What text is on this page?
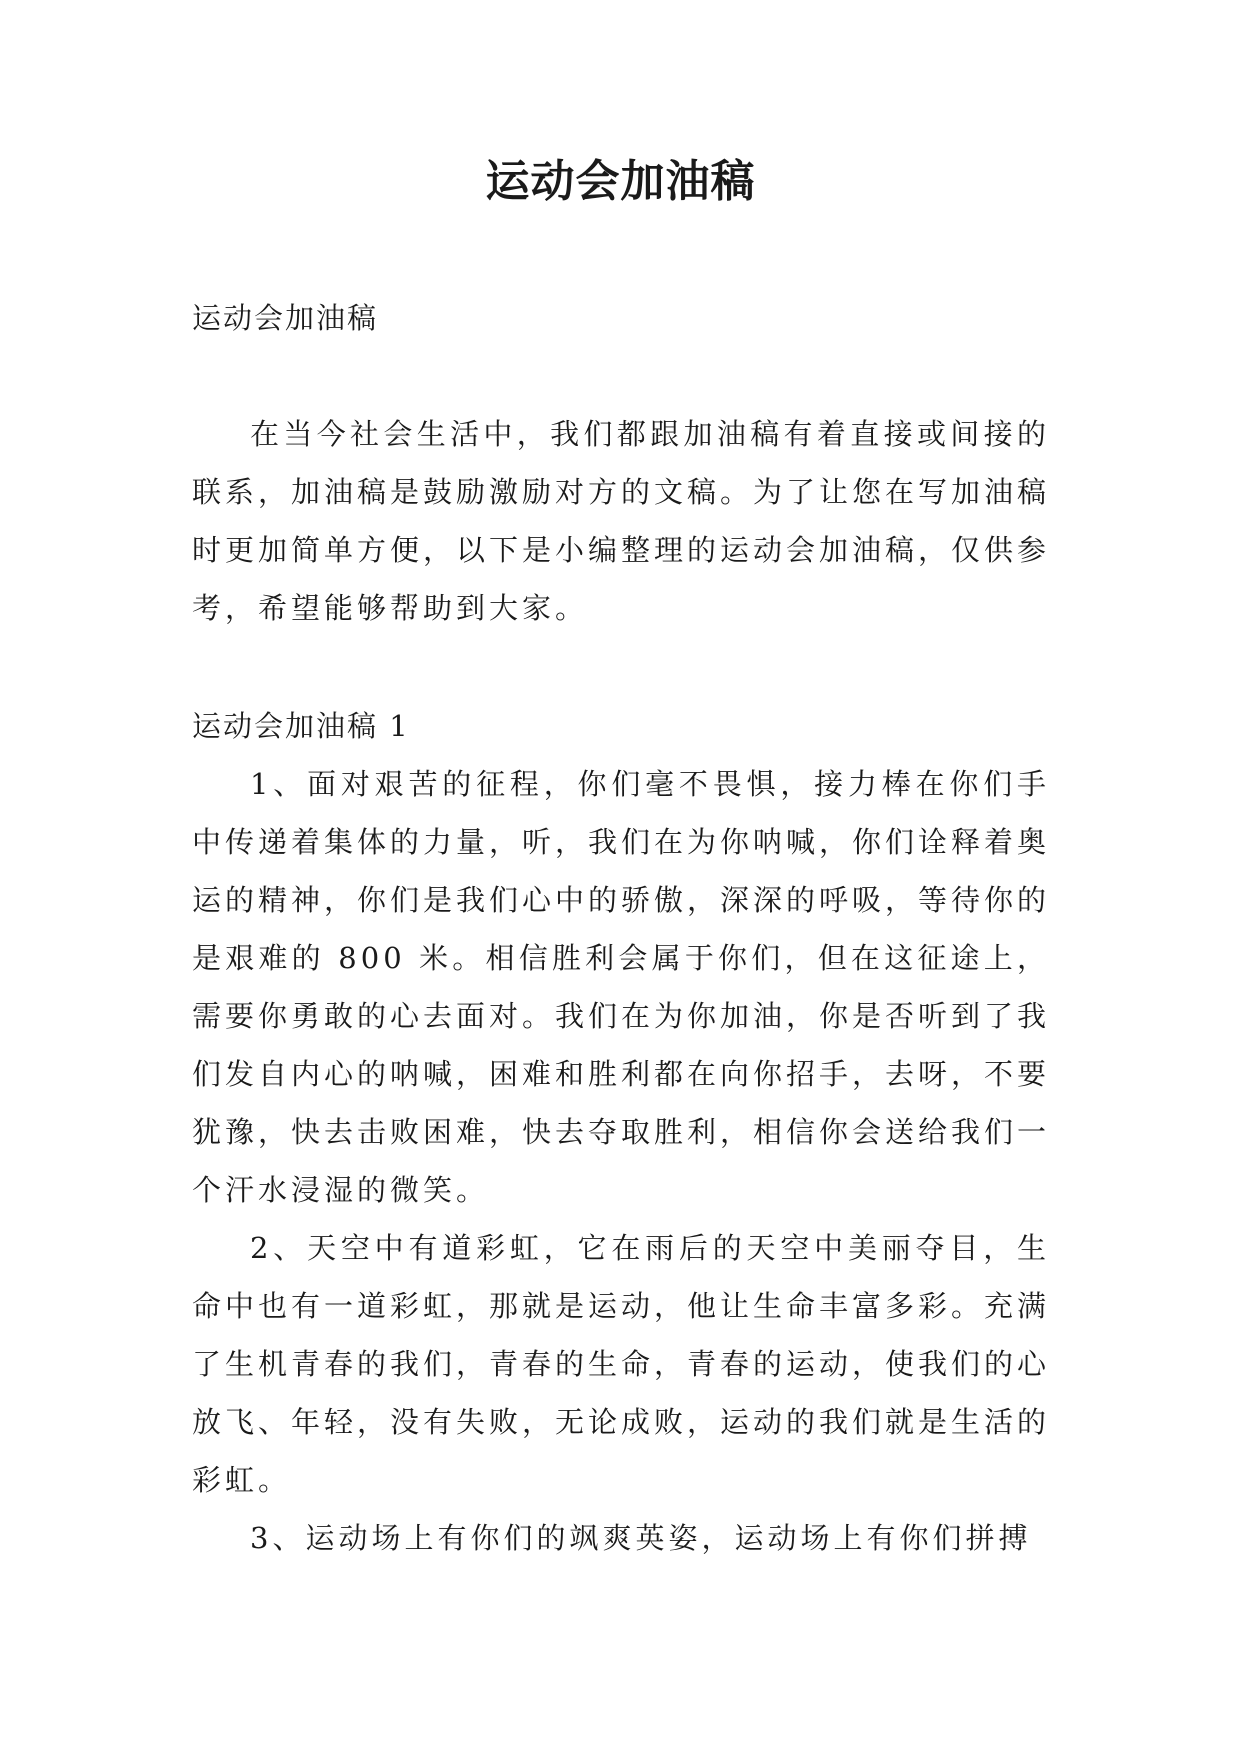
运动会加油稿
运动会加油稿

在当今社会生活中，我们都跟加油稿有着直接或间接的联系，加油稿是鼓励激励对方的文稿。为了让您在写加油稿时更加简单方便，以下是小编整理的运动会加油稿，仅供参考，希望能够帮助到大家。

运动会加油稿 1

1、面对艰苦的征程，你们毫不畏惧，接力棒在你们手中传递着集体的力量，听，我们在为你呐喊，你们诠释着奥运的精神，你们是我们心中的骄傲，深深的呼吸，等待你的是艰难的 800 米。相信胜利会属于你们，但在这征途上，需要你勇敢的心去面对。我们在为你加油，你是否听到了我们发自内心的呐喊，困难和胜利都在向你招手，去呀，不要犹豫，快去击败困难，快去夺取胜利，相信你会送给我们一个汗水浸湿的微笑。

2、天空中有道彩虹，它在雨后的天空中美丽夺目，生命中也有一道彩虹，那就是运动，他让生命丰富多彩。充满了生机青春的我们，青春的生命，青春的运动，使我们的心放飞、年轻，没有失败，无论成败，运动的我们就是生活的彩虹。

3、运动场上有你们的飒爽英姿，运动场上有你们拼搏
